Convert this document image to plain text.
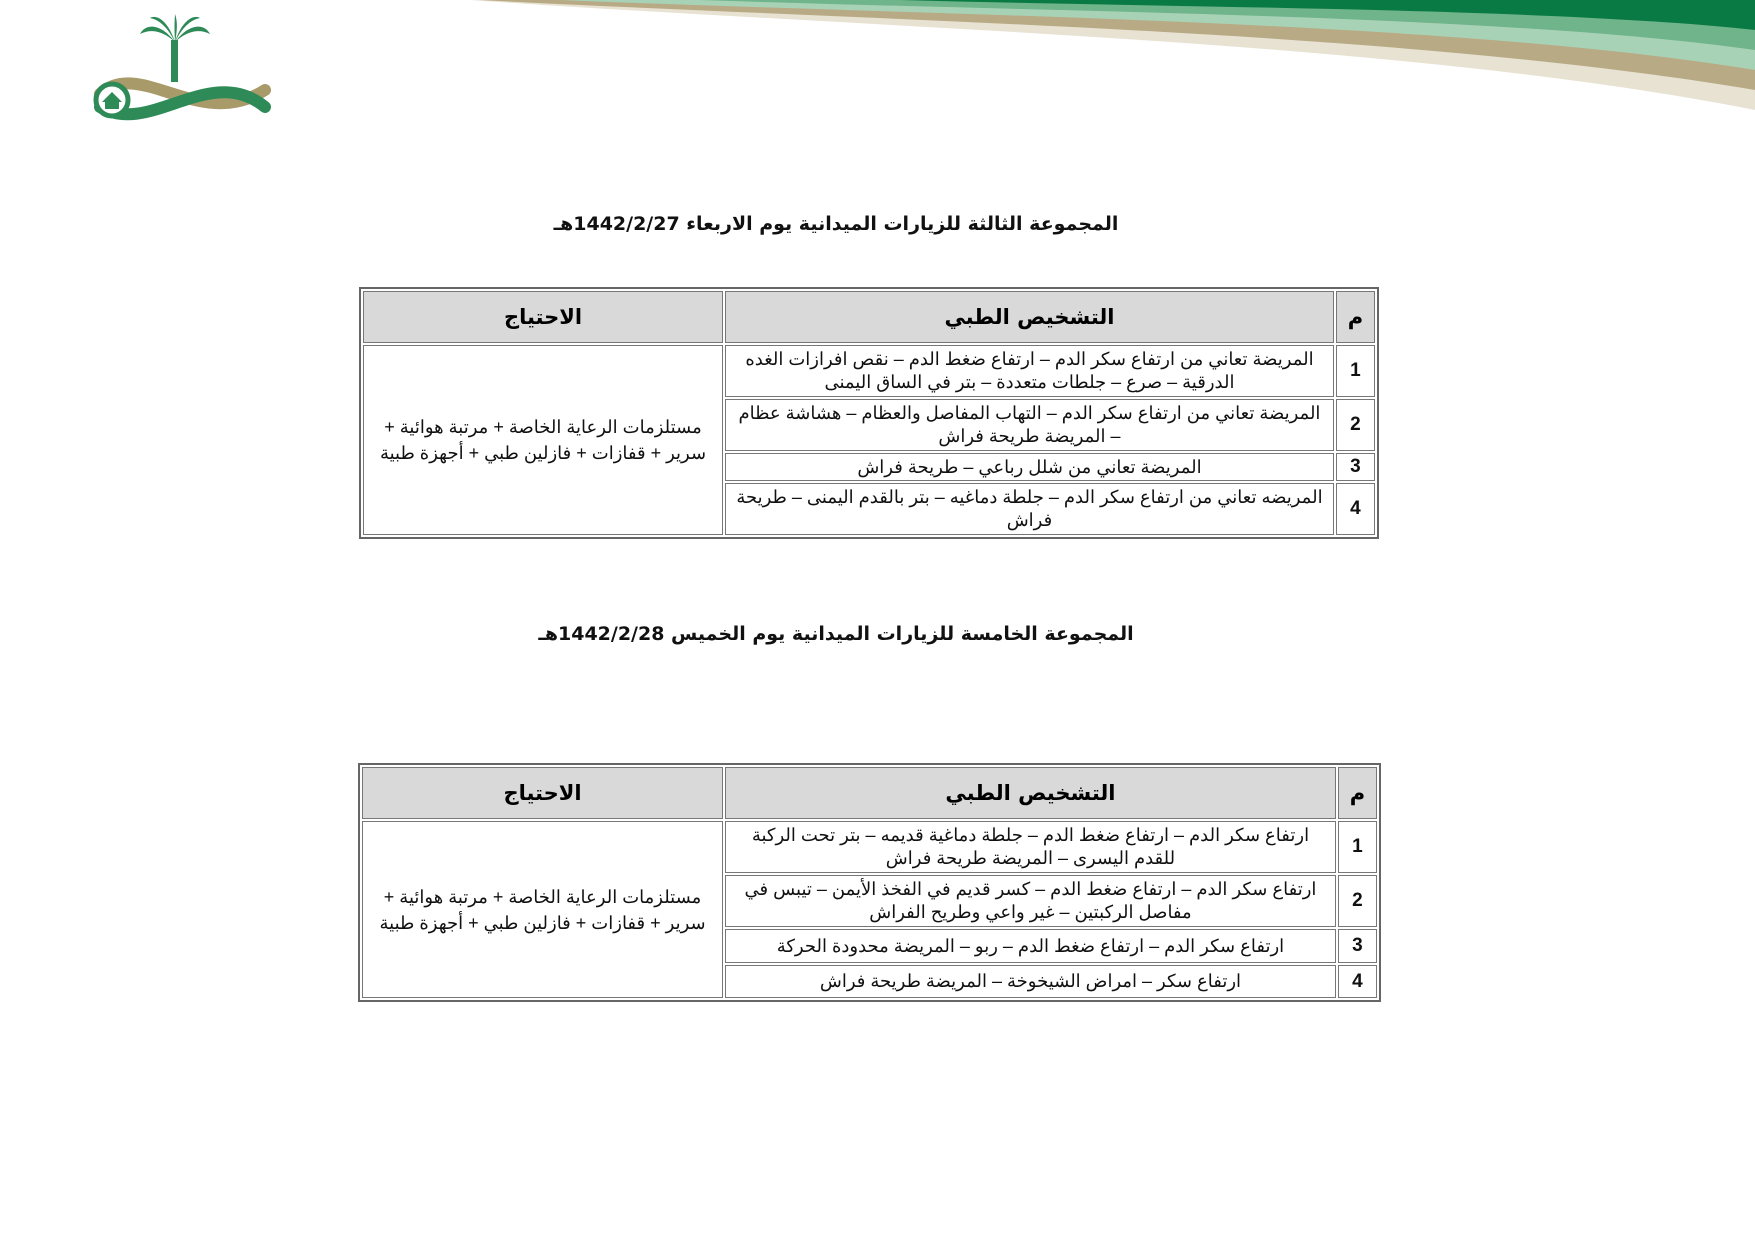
المجموعة الثالثة للزيارات الميدانية يوم الاربعاء 1442/2/27هـ
م	التشخيص الطبي	الاحتياج
1	المريضة تعاني من ارتفاع سكر الدم – ارتفاع ضغط الدم – نقص افرازات الغده الدرقية – صرع – جلطات متعددة – بتر في الساق اليمنى	مستلزمات الرعاية الخاصة + مرتبة هوائية + سرير + قفازات + فازلين طبي + أجهزة طبية
2	المريضة تعاني من ارتفاع سكر الدم – التهاب المفاصل والعظام – هشاشة عظام – المريضة طريحة فراش	
3	المريضة تعاني من شلل رباعي – طريحة فراش	
4	المريضه تعاني من ارتفاع سكر الدم – جلطة دماغيه – بتر بالقدم اليمنى – طريحة فراش	
المجموعة الخامسة للزيارات الميدانية يوم الخميس 1442/2/28هـ
م	التشخيص الطبي	الاحتياج
1	ارتفاع سكر الدم – ارتفاع ضغط الدم – جلطة دماغية قديمه – بتر تحت الركبة للقدم اليسرى – المريضة طريحة فراش	مستلزمات الرعاية الخاصة + مرتبة هوائية + سرير + قفازات + فازلين طبي + أجهزة طبية
2	ارتفاع سكر الدم – ارتفاع ضغط الدم – كسر قديم في الفخذ الأيمن – تيبس في مفاصل الركبتين – غير واعي وطريح الفراش	
3	ارتفاع سكر الدم – ارتفاع ضغط الدم – ربو – المريضة محدودة الحركة	
4	ارتفاع سكر – امراض الشيخوخة – المريضة طريحة فراش	
